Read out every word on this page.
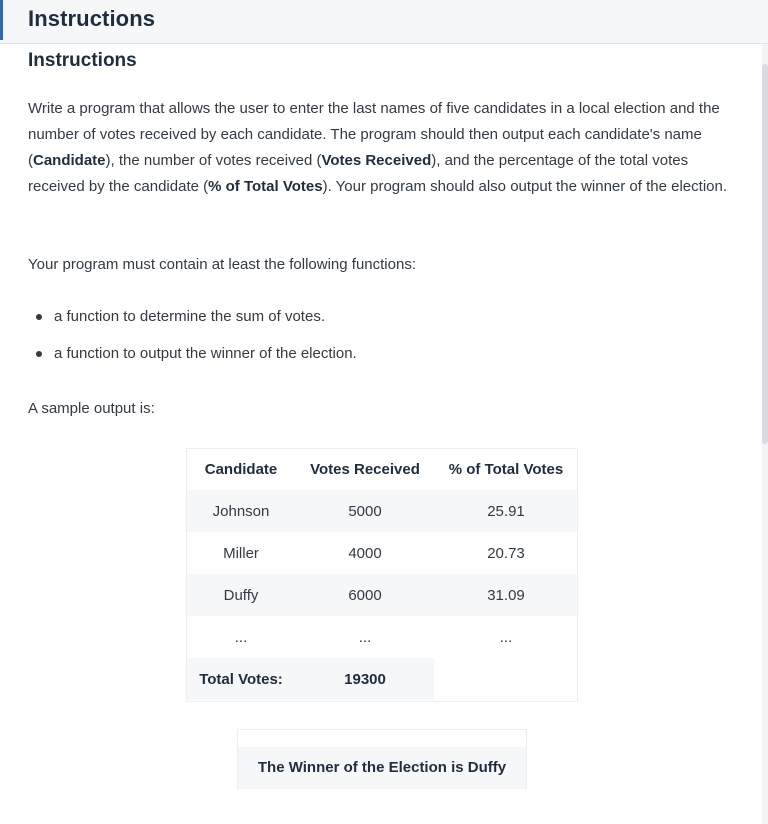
Instructions
Instructions

Write a program that allows the user to enter the last names of five candidates in a local election and the number of votes received by each candidate. The program should then output each candidate's name (Candidate), the number of votes received (Votes Received), and the percentage of the total votes received by the candidate (% of Total Votes). Your program should also output the winner of the election.

Your program must contain at least the following functions:

a function to determine the sum of votes.
a function to output the winner of the election.

A sample output is:

Candidate	Votes Received	% of Total Votes
Johnson	5000	25.91
Miller	4000	20.73
Duffy	6000	31.09
...	...	...
Total Votes:	19300	
The Winner of the Election is Duffy
